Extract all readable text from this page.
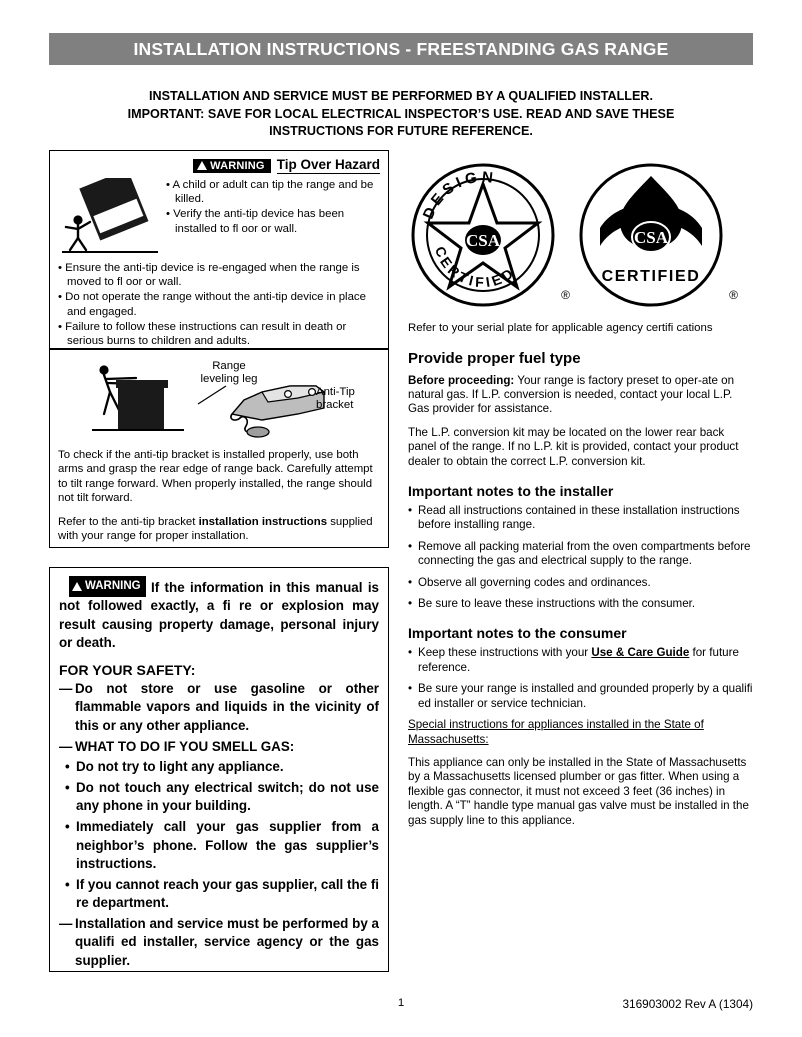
INSTALLATION INSTRUCTIONS - FREESTANDING GAS RANGE
INSTALLATION AND SERVICE MUST BE PERFORMED BY A QUALIFIED INSTALLER.
IMPORTANT: SAVE FOR LOCAL ELECTRICAL INSPECTOR’S USE. READ AND SAVE THESE
INSTRUCTIONS FOR FUTURE REFERENCE.
WARNING Tip Over Hazard
• A child or adult can tip the range and be killed.
• Verify the anti-tip device has been installed to fl oor or wall.
• Ensure the anti-tip device is re-engaged when the range is moved to fl oor or wall.
• Do not operate the range without the anti-tip device in place and engaged.
• Failure to follow these instructions can result in death or serious burns to children and adults.
Range
leveling leg
Anti-Tip
bracket

To check if the anti-tip bracket is installed properly, use both arms and grasp the rear edge of range back. Carefully attempt to tilt range forward. When properly installed, the range should not tilt forward.

Refer to the anti-tip bracket installation instructions supplied with your range for proper installation.

WARNING If the information in this manual is not followed exactly, a fi re or explosion may result causing property damage, personal injury or death.
FOR YOUR SAFETY:
— Do not store or use gasoline or other flammable vapors and liquids in the vicinity of this or any other appliance.
— WHAT TO DO IF YOU SMELL GAS:
• Do not try to light any appliance.
• Do not touch any electrical switch; do not use any phone in your building.
• Immediately call your gas supplier from a neighbor’s phone. Follow the gas supplier’s instructions.
• If you cannot reach your gas supplier, call the fi re department.
— Installation and service must be performed by a qualifi ed installer, service agency or the gas supplier.
CSA
DESIGN
CERTIFIED
®
CSA
CERTIFIED
®
Refer to your serial plate for applicable agency certifi cations
Provide proper fuel type
Before proceeding: Your range is factory preset to oper-ate on natural gas. If L.P. conversion is needed, contact your local L.P. Gas provider for assistance.
The L.P. conversion kit may be located on the lower rear back panel of the range. If no L.P. kit is provided, contact your product dealer to obtain the correct L.P. conversion kit.
Important notes to the installer
• Read all instructions contained in these installation instructions before installing range.
• Remove all packing material from the oven compartments before connecting the gas and electrical supply to the range.
• Observe all governing codes and ordinances.
• Be sure to leave these instructions with the consumer.
Important notes to the consumer
• Keep these instructions with your Use & Care Guide for future reference.
• Be sure your range is installed and grounded properly by a qualifi ed installer or service technician.
Special instructions for appliances installed in the State of
Massachusetts:
This appliance can only be installed in the State of Massachusetts by a Massachusetts licensed plumber or gas fitter. When using a flexible gas connector, it must not exceed 3 feet (36 inches) in length. A “T” handle type manual gas valve must be installed in the gas supply line to this appliance.
1	316903002 Rev A (1304)
